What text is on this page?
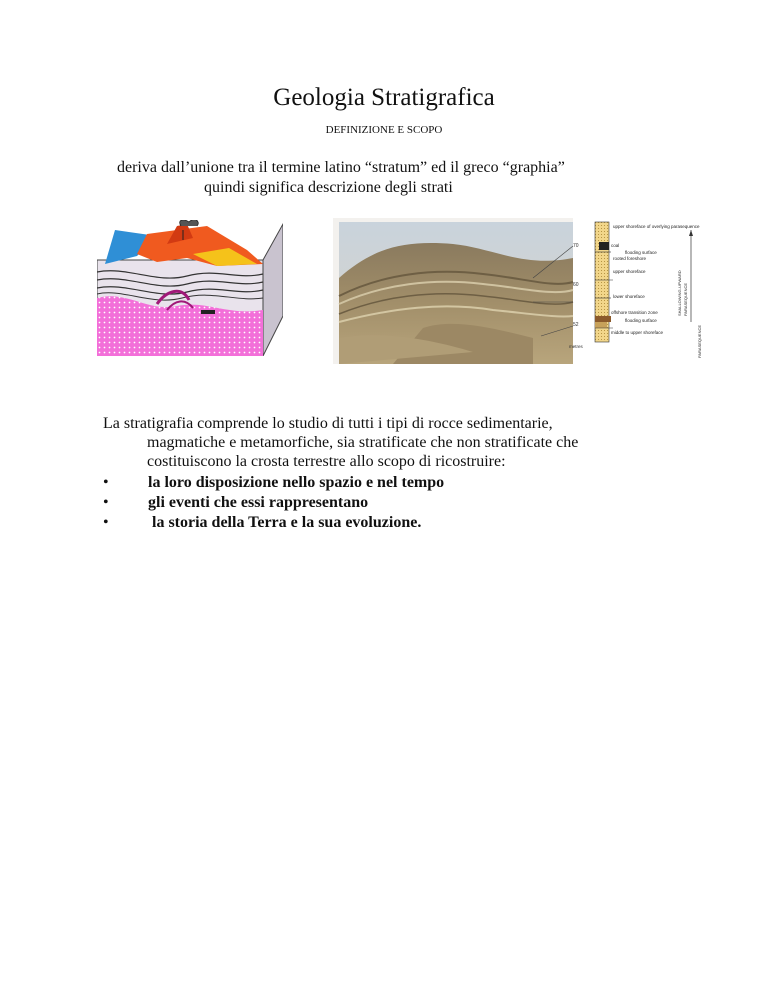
Geologia Stratigrafica
DEFINIZIONE E SCOPO
deriva dall’unione tra il termine latino “stratum” ed il greco “graphia”
quindi significa descrizione degli strati
70
60
52
metres
upper shoreface of overlying parasequence
coal
flooding surface
rooted foreshore
upper shoreface
lower shoreface
offshore transition zone
flooding surface
middle to upper shoreface
SHALLOWING-UPWARD PARASEQUENCE
PARASEQUENCE
La stratigrafia comprende lo studio di tutti i tipi di rocce sedimentarie,
magmatiche e metamorfiche, sia stratificate che non stratificate che costituiscono la crosta terrestre allo scopo di ricostruire:
• la loro disposizione nello spazio e nel tempo
• gli eventi che essi rappresentano
•	la storia della Terra e la sua evoluzione.
